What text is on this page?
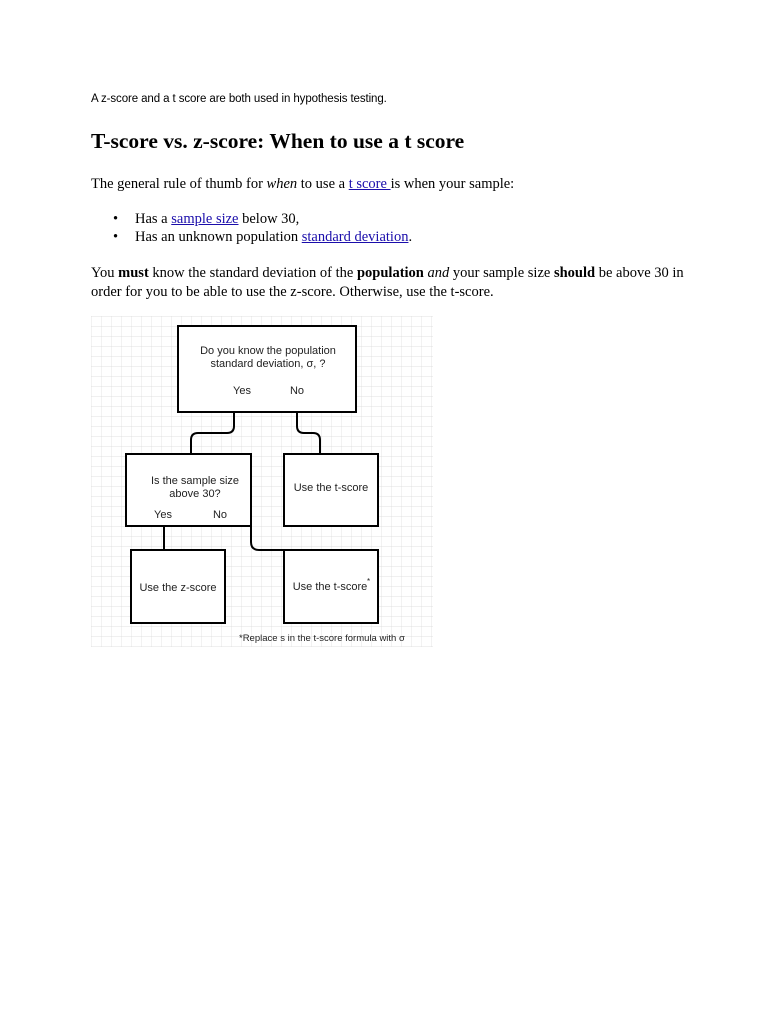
A z-score and a t score are both used in hypothesis testing.
T-score vs. z-score: When to use a t score

The general rule of thumb for when to use a t score is when your sample:

• Has a sample size below 30,
• Has an unknown population standard deviation.

You must know the standard deviation of the population and your sample size should be above 30 in order for you to be able to use the z-score. Otherwise, use the t-score.

Do you know the population
standard deviation, σ, ?
Yes	No
Is the sample size
above 30?
Yes	No
Use the t-score
Use the z-score	Use the t-score *
*Replace s in the t-score formula with σ
